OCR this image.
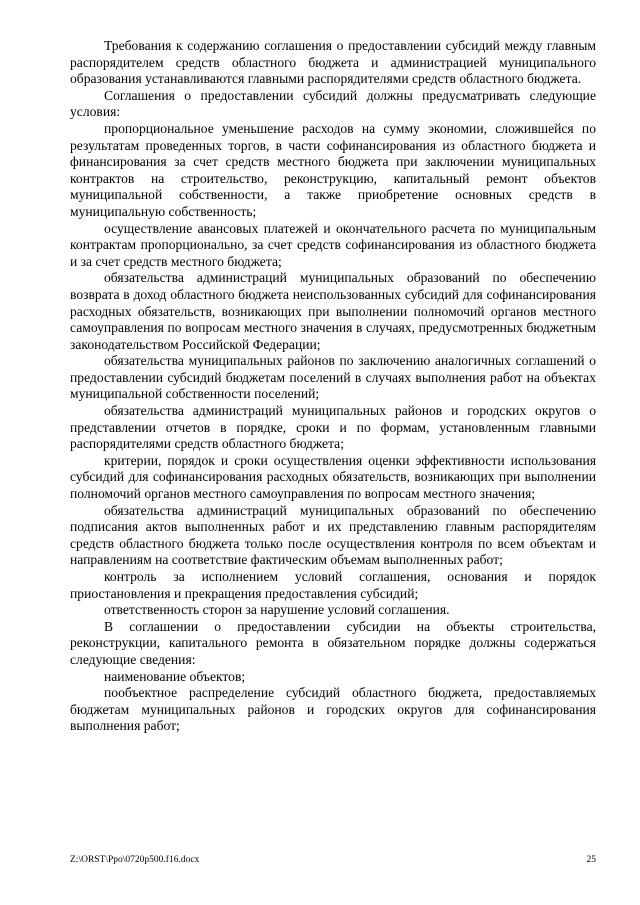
Требования к содержанию соглашения о предоставлении субсидий между главным распорядителем средств областного бюджета и администрацией муниципального образования устанавливаются главными распорядителями средств областного бюджета.

Соглашения о предоставлении субсидий должны предусматривать следующие условия:

пропорциональное уменьшение расходов на сумму экономии, сложившейся по результатам проведенных торгов, в части софинансирования из областного бюджета и финансирования за счет средств местного бюджета при заключении муниципальных контрактов на строительство, реконструкцию, капитальный ремонт объектов муниципальной собственности, а также приобретение основных средств в муниципальную собственность;

осуществление авансовых платежей и окончательного расчета по муниципальным контрактам пропорционально, за счет средств софинансирования из областного бюджета и за счет средств местного бюджета;

обязательства администраций муниципальных образований по обеспечению возврата в доход областного бюджета неиспользованных субсидий для софинансирования расходных обязательств, возникающих при выполнении полномочий органов местного самоуправления по вопросам местного значения в случаях, предусмотренных бюджетным законодательством Российской Федерации;

обязательства муниципальных районов по заключению аналогичных соглашений о предоставлении субсидий бюджетам поселений в случаях выполнения работ на объектах муниципальной собственности поселений;

обязательства администраций муниципальных районов и городских округов о представлении отчетов в порядке, сроки и по формам, установленным главными распорядителями средств областного бюджета;

критерии, порядок и сроки осуществления оценки эффективности использования субсидий для софинансирования расходных обязательств, возникающих при выполнении полномочий органов местного самоуправления по вопросам местного значения;

обязательства администраций муниципальных образований по обеспечению подписания актов выполненных работ и их представлению главным распорядителям средств областного бюджета только после осуществления контроля по всем объектам и направлениям на соответствие фактическим объемам выполненных работ;

контроль за исполнением условий соглашения, основания и порядок приостановления и прекращения предоставления субсидий;

ответственность сторон за нарушение условий соглашения.

В соглашении о предоставлении субсидии на объекты строительства, реконструкции, капитального ремонта в обязательном порядке должны содержаться следующие сведения:

наименование объектов;

пообъектное распределение субсидий областного бюджета, предоставляемых бюджетам муниципальных районов и городских округов для софинансирования выполнения работ;

Z:\ORST\Ppo\0720p500.f16.docx	25
